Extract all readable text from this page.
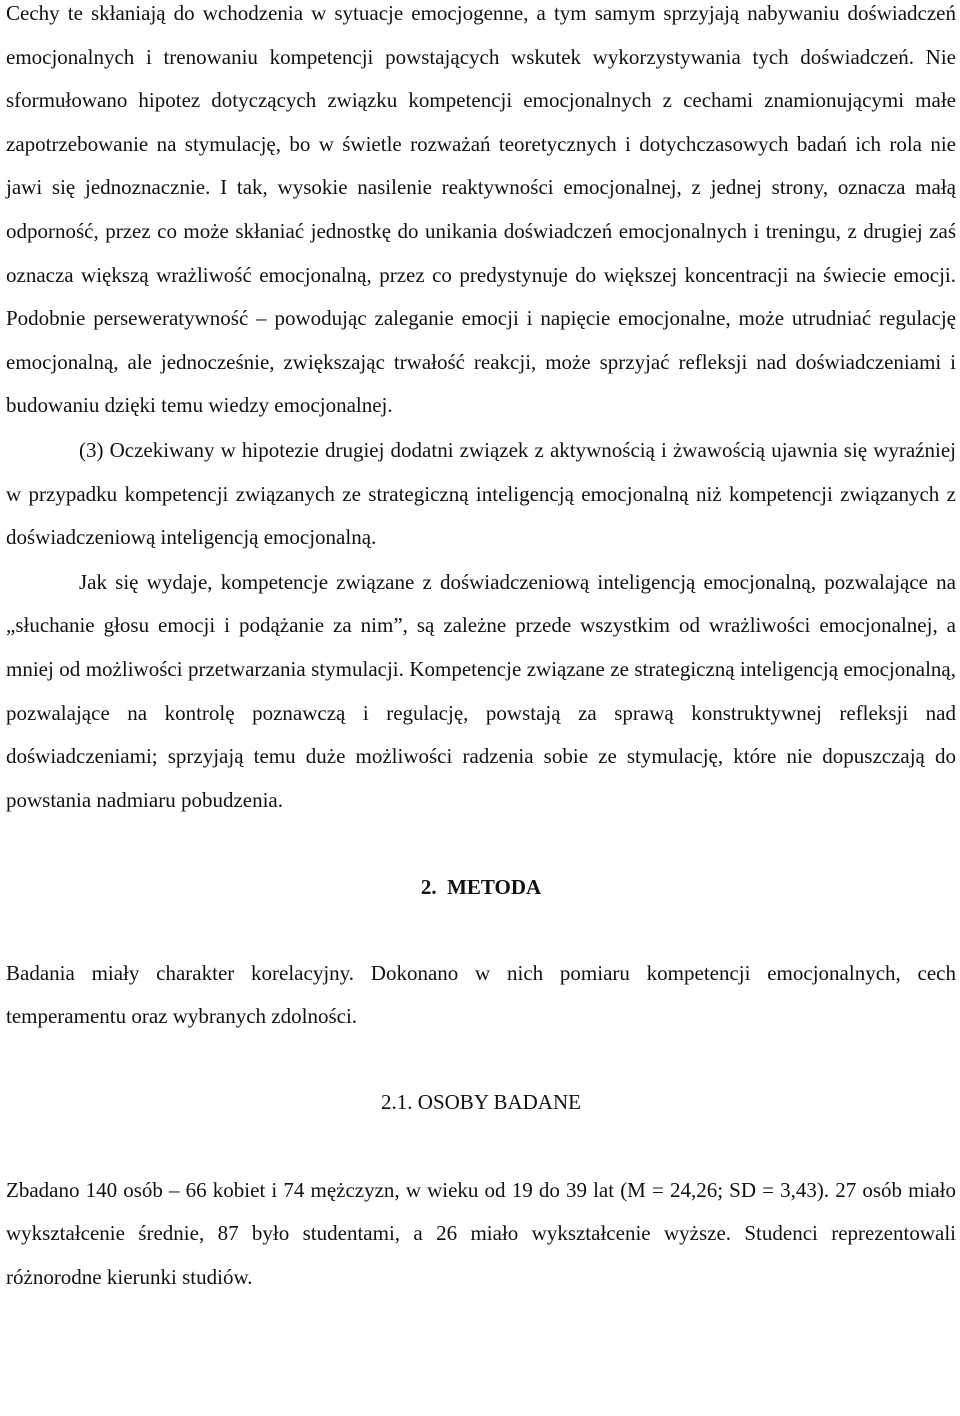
Cechy te skłaniają do wchodzenia w sytuacje emocjogenne, a tym samym sprzyjają nabywaniu doświadczeń emocjonalnych i trenowaniu kompetencji powstających wskutek wykorzystywania tych doświadczeń. Nie sformułowano hipotez dotyczących związku kompetencji emocjonalnych z cechami znamionującymi małe zapotrzebowanie na stymulację, bo w świetle rozważań teoretycznych i dotychczasowych badań ich rola nie jawi się jednoznacznie. I tak, wysokie nasilenie reaktywności emocjonalnej, z jednej strony, oznacza małą odporność, przez co może skłaniać jednostkę do unikania doświadczeń emocjonalnych i treningu, z drugiej zaś oznacza większą wrażliwość emocjonalną, przez co predystynuje do większej koncentracji na świecie emocji. Podobnie perseweratywność – powodując zaleganie emocji i napięcie emocjonalne, może utrudniać regulację emocjonalną, ale jednocześnie, zwiększając trwałość reakcji, może sprzyjać refleksji nad doświadczeniami i budowaniu dzięki temu wiedzy emocjonalnej.

(3) Oczekiwany w hipotezie drugiej dodatni związek z aktywnością i żwawością ujawnia się wyraźniej w przypadku kompetencji związanych ze strategiczną inteligencją emocjonalną niż kompetencji związanych z doświadczeniową inteligencją emocjonalną.

Jak się wydaje, kompetencje związane z doświadczeniową inteligencją emocjonalną, pozwalające na „słuchanie głosu emocji i podążanie za nim”, są zależne przede wszystkim od wrażliwości emocjonalnej, a mniej od możliwości przetwarzania stymulacji. Kompetencje związane ze strategiczną inteligencją emocjonalną, pozwalające na kontrolę poznawczą i regulację, powstają za sprawą konstruktywnej refleksji nad doświadczeniami; sprzyjają temu duże możliwości radzenia sobie ze stymulację, które nie dopuszczają do powstania nadmiaru pobudzenia.

2.  METODA

Badania miały charakter korelacyjny. Dokonano w nich pomiaru kompetencji emocjonalnych, cech temperamentu oraz wybranych zdolności.

2.1. OSOBY BADANE

Zbadano 140 osób – 66 kobiet i 74 mężczyzn, w wieku od 19 do 39 lat (M = 24,26; SD = 3,43). 27 osób miało wykształcenie średnie, 87 było studentami, a 26 miało wykształcenie wyższe. Studenci reprezentowali różnorodne kierunki studiów.
